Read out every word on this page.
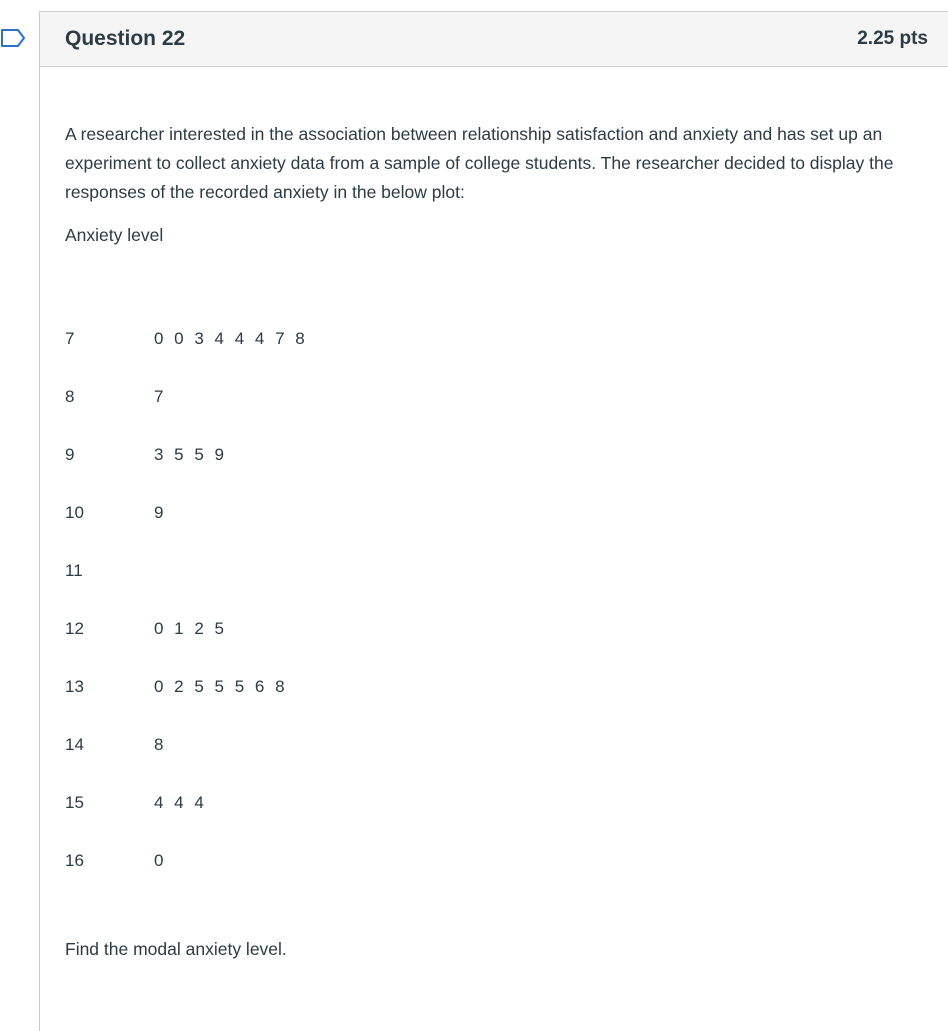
Question 22	2.25 pts
A researcher interested in the association between relationship satisfaction and anxiety and has set up an experiment to collect anxiety data from a sample of college students. The researcher decided to display the responses of the recorded anxiety in the below plot:
Anxiety level
7	0 0 3 4 4 4 7 8
8	7
9	3 5 5 9
10	9
11
12	0 1 2 5
13	0 2 5 5 5 6 8
14	8
15	4 4 4
16	0
Find the modal anxiety level.
